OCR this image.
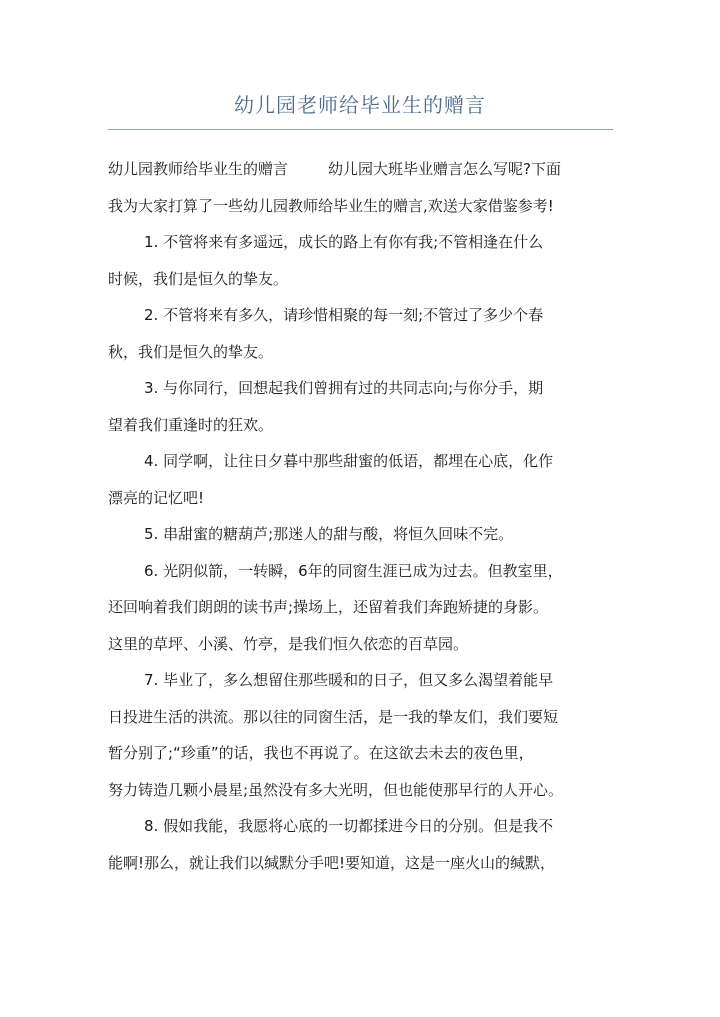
幼儿园老师给毕业生的赠言
幼儿园教师给毕业生的赠言	幼儿园大班毕业赠言怎么写呢?下面
我为大家打算了一些幼儿园教师给毕业生的赠言,欢送大家借鉴参考!
1. 不管将来有多遥远，成长的路上有你有我;不管相逢在什么
时候，我们是恒久的挚友。
2. 不管将来有多久，请珍惜相聚的每一刻;不管过了多少个春
秋，我们是恒久的挚友。
3. 与你同行，回想起我们曾拥有过的共同志向;与你分手，期
望着我们重逢时的狂欢。
4. 同学啊，让往日夕暮中那些甜蜜的低语，都埋在心底，化作
漂亮的记忆吧!
5. 串甜蜜的糖葫芦;那迷人的甜与酸，将恒久回味不完。
6. 光阴似箭，一转瞬，6年的同窗生涯已成为过去。但教室里，
还回响着我们朗朗的读书声;操场上，还留着我们奔跑矫捷的身影。
这里的草坪、小溪、竹亭，是我们恒久依恋的百草园。
7. 毕业了，多么想留住那些暖和的日子，但又多么渴望着能早
日投进生活的洪流。那以往的同窗生活，是一我的挚友们，我们要短
暂分别了;“珍重”的话，我也不再说了。在这欲去未去的夜色里，
努力铸造几颗小晨星;虽然没有多大光明，但也能使那早行的人开心。
8. 假如我能，我愿将心底的一切都揉进今日的分别。但是我不
能啊!那么，就让我们以缄默分手吧!要知道，这是一座火山的缄默，
